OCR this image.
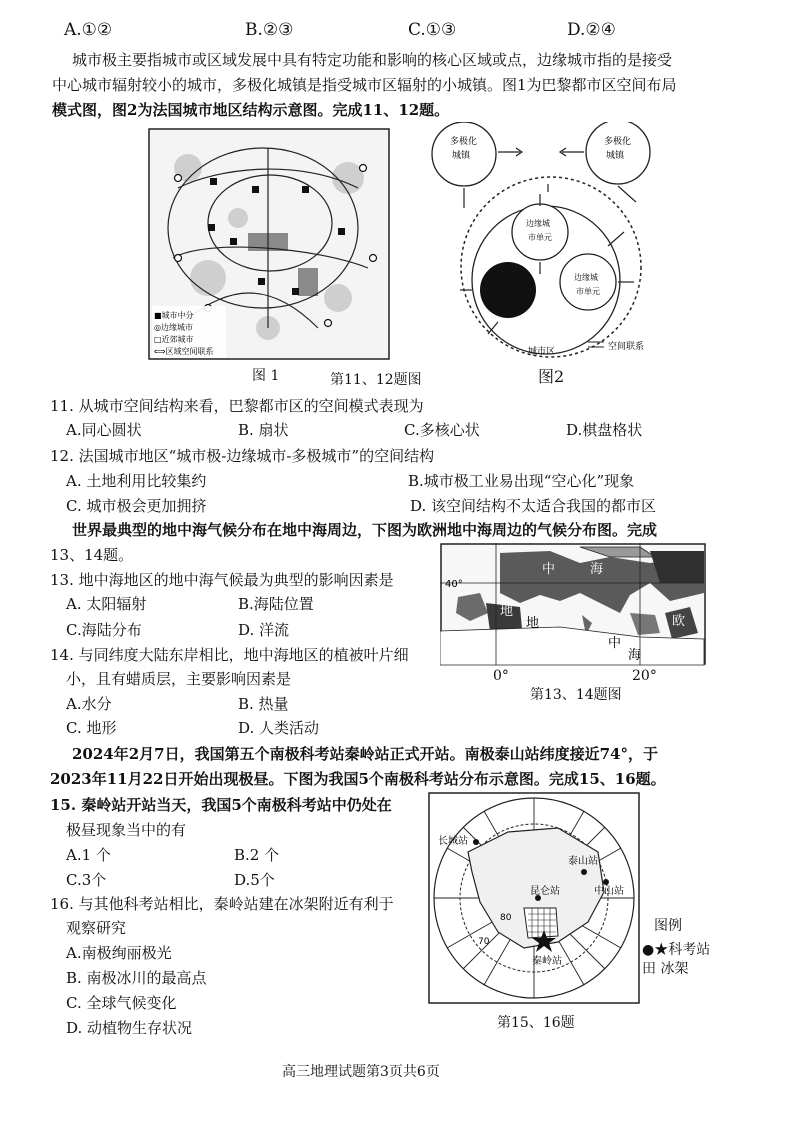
A.①②	B.②③	C.①③	D.②④
城市极主要指城市或区域发展中具有特定功能和影响的核心区域或点，边缘城市指的是接受
中心城市辐射较小的城市，多极化城镇是指受城市区辐射的小城镇。图1为巴黎都市区空间布局
模式图，图2为法国城市地区结构示意图。完成11、12题。
■城市中分
◎边缘城市
□近郊城市
⟺区域空间联系
图 1	第11、12题图
多极化
城镇
多极化
城镇
边缘城
市单元
边缘城
市单元
城市区	空间联系
图2
11. 从城市空间结构来看，巴黎都市区的空间模式表现为
A.同心圆状	B. 扇状	C.多核心状	D.棋盘格状
12. 法国城市地区“城市极-边缘城市-多极城市”的空间结构
A. 土地利用比较集约	B.城市极工业易出现“空心化”现象
C. 城市极会更加拥挤	D. 该空间结构不太适合我国的都市区
世界最典型的地中海气候分布在地中海周边，下图为欧洲地中海周边的气候分布图。完成
13、14题。
13. 地中海地区的地中海气候最为典型的影响因素是
A. 太阳辐射	B.海陆位置
C.海陆分布	D. 洋流
14. 与同纬度大陆东岸相比，地中海地区的植被叶片细
小，且有蜡质层，主要影响因素是
A.水分	B. 热量
C. 地形	D. 人类活动
40°
中	海
地
地
中
海
欧
0°	20°
第13、14题图
2024年2月7日，我国第五个南极科考站秦岭站正式开站。南极泰山站纬度接近74°，于
2023年11月22日开始出现极昼。下图为我国5个南极科考站分布示意图。完成15、16题。
15. 秦岭站开站当天，我国5个南极科考站中仍处在
极昼现象当中的有
A.1 个	B.2 个
C.3个	D.5个
16. 与其他科考站相比，秦岭站建在冰架附近有利于
观察研究
A.南极绚丽极光
B. 南极冰川的最高点
C. 全球气候变化
D. 动植物生存状况
长城站
泰山站
中山站
昆仑站
秦岭站
80
70
图例
●★科考站
田 冰架
第15、16题
高三地理试题第3页共6页
